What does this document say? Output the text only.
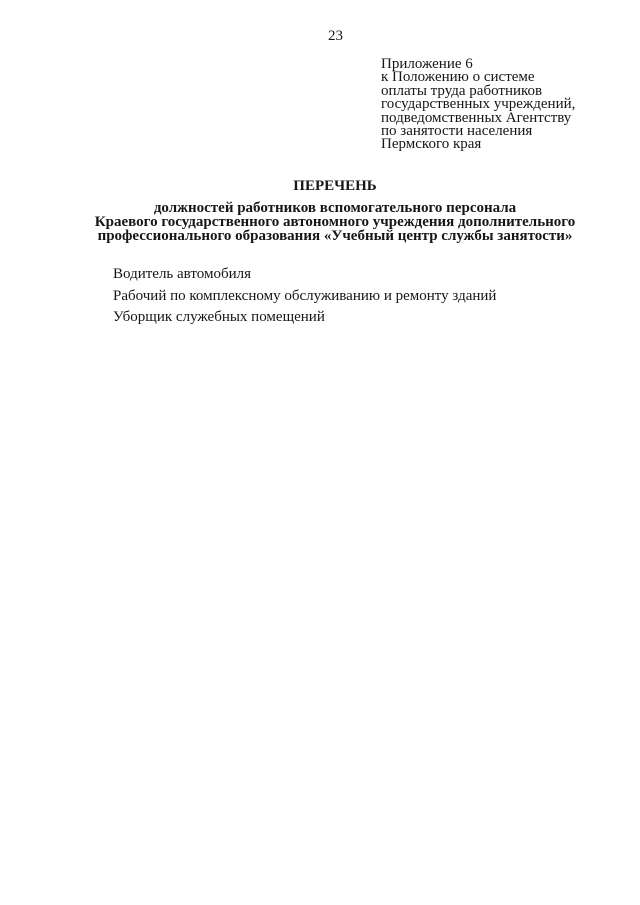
23
Приложение 6
к Положению о системе
оплаты труда работников
государственных учреждений,
подведомственных Агентству
по занятости населения
Пермского края
ПЕРЕЧЕНЬ
должностей работников вспомогательного персонала
Краевого государственного автономного учреждения дополнительного
профессионального образования «Учебный центр службы занятости»
Водитель автомобиля
Рабочий по комплексному обслуживанию и ремонту зданий
Уборщик служебных помещений
